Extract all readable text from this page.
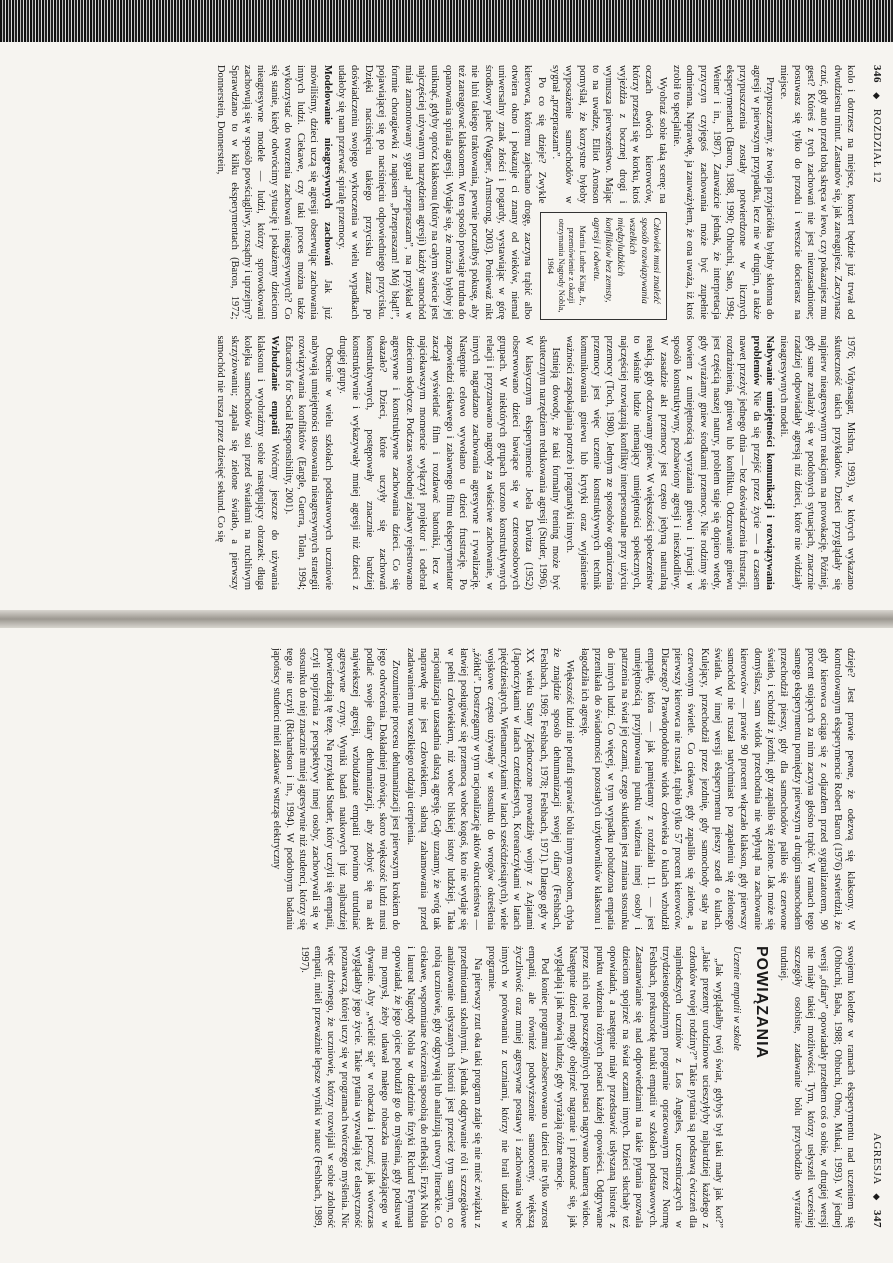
346 ◆ ROZDZIAŁ 12

kolo i dotrzesz na miejsce, koncert będzie już trwał od dwudziestu minut. Zastanów się, jak zareagujesz. Zaczynasz czuć, gdy auto przed tobą skręca w lewo, czy pokazujesz mu gest? Któreś z tych zachowań nie jest nieuzasadnione; posuwasz się tylko do przodu i wreszcie docierasz na miejsce.

Przypuszczamy, że twoja przyjaciółka byłaby skłonna do agresji w pierwszym przypadku, lecz nie w drugim, a także przypuszczenia zostały potwierdzone w licznych eksperymentach (Baron, 1988, 1990; Ohbuchi, Sato, 1994; Weiner i in., 1987). Zauważcie jednak, że interpretacja przyczyn czyjegoś zachowania może być zupełnie odmienna. Naprawdę, ja zauważyłem, że ona uważa, iż ktoś zrobił to specjalnie.

Człowiek musi znaleźć sposób rozwiązywania wszelkich międzyludzkich konfliktów bez zemsty, agresji i odwetu.
Martin Luther King, Jr., przemówienie z okazji otrzymania Nagrody Nobla, 1964

Wyobraź sobie taką scenę: na oczach dwóch kierowców, którzy przeszli się w korku, ktoś wyjeżdża z bocznej drogi i wymusza pierwszeństwo. Mając to na uwadze, Elliot Aronson pomyślał, że korzystne byłoby wyposażenie samochodów w sygnał „przepraszam”.

Po co się dzieje? Zwykle kierowca, któremu zajechano drogę, zaczyna trąbić albo otwiera okno i pokazuje ci znany od wieków, niemal uniwersalny znak złości i pogardy, wystawiając w górę środkowy palec (Wagner, Armstrong, 2003). Ponieważ nikt nie lubi takiego traktowania, pewnie poczułbyś pokusę, aby też zareagować klaksonem. W ten sposób powstaje trudna do opanowania spirala agresji. Wydaje się, że można byłoby jej uniknąć, gdyby oprócz klaksonu (który na całym świecie jest najczęściej używanym narzędziem agresji) każdy samochód miał zamontowany sygnał „przepraszam”, na przykład w formie choragiewki z napisem „Przepraszam! Mój błąd!”, pojawiającej się po naciśnięciu odpowiedniego przycisku. Dzięki naciśnięciu takiego przycisku zaraz po doświadczeniu swojego wykroczenia w wielu wypadkach udałoby się nam przerwać spiralę przemocy.

Modelowanie nieagresywnych zachowań Jak już mówiliśmy, dzieci uczą się agresji obserwując zachowania innych ludzi. Ciekawe, czy taki proces można także wykorzystać do tworzenia zachowań nieagresywnych? Co się stanie, kiedy odwrócimy sytuację i pokażemy dzieciom nieagresywne modele — ludzi, którzy sprowokowani zachowują się w sposób powściągliwy, rozsądny i uprzejmy? Sprawdzano to w kilku eksperymentach (Baron, 1972; Donnerstein, Donnerstein,

1976; Vidyasagar, Mishra, 1993), w których wykazano skuteczność takich przykładów. Dzieci przyglądały się najpierw nieagresywnym reakcjom na prowokację. Później, gdy same znalazły się w podobnych sytuacjach, znacznie rzadziej odpowiadały agresją niż dzieci, które nie widziały nieagresywnych modeli.

Nabywanie umiejętności komunikacji i rozwiązywania problemów Nie da się przejść przez życie — a czasem nawet przeżyć jednego dnia — bez doświadczenia frustracji, rozdrażnienia, gniewu lub konfliktu. Odczuwanie gniewu jest częścią naszej natury, problem staje się dopiero wtedy, gdy wyrażamy gniew środkami przemocy. Nie rodzimy się bowiem z umiejętnością wyrażania gniewu i irytacji w sposób konstruktywny, pozbawiony agresji i nieszkodliwy. W zasadzie akt przemocy jest często jedyną naturalną reakcją, gdy odczuwamy gniew. W większości społeczeństw to właśnie ludzie niemający umiejętności społecznych, najczęściej rozwiązują konflikty interpersonalne przy użyciu przemocy (Toch, 1980). Jednym ze sposobów ograniczenia przemocy jest więc uczenie konstruktywnych technik komunikowania gniewu lub krytyki oraz wyjaśnienie ważności zaspokajania potrzeb i pragmatyki innych.

Istnieją dowody, że taki formalny trening może być skutecznym narzędziem redukowania agresji (Studer, 1996). W klasycznym eksperymencie Joela Davitza (1952) obserwowano dzieci bawiące się w czteroosobowych grupach. W niektórych grupach uczono konstruktywnych relacji i przyznawano nagrody za właściwe zachowanie, w innych nagradzano zachowania agresywne i rywalizację. Następnie celowo wywołano u dzieci frustrację. Po zapowiedzi ciekawego i zabawnego filmu eksperymentator zaczął wyświetlać film i rozdawać batoniki, lecz w najciekawszym momencie wyłączył projektor i odebrał dzieciom słodycze. Podczas swobodnej zabawy rejestrowano agresywne i konstruktywne zachowania dzieci. Co się okazało? Dzieci, które uczyły się zachowań konstruktywnych, postępowały znacznie bardziej konstruktywnie i wykazywały mniej agresji niż dzieci z drugiej grupy.

Obecnie w wielu szkołach podstawowych uczniowie nabywają umiejętności stosowania nieagresywnych strategii rozwiązywania konfliktów (Eargle, Guerra, Tolan, 1994; Educators for Social Responsibility, 2001).

Wzbudzanie empatii Wróćmy jeszcze do używania klaksonu i wyobraźmy sobie następujący obrazek: długa kolejka samochodów stoi przed światłami na ruchliwym skrzyżowaniu; zapala się zielone światło, a pierwszy samochód nie rusza przez dziesięć sekund. Co się

AGRESJA ◆ 347

dzieje? Jest prawie pewne, że odezwą się klaksony. W kontrolowanym eksperymencie Robert Baron (1976) stwierdził, że gdy kierowca ociąga się z odjazdem przed sygnalizatorem, 90 procent stojących za nim zaczyna głośno trąbić. W ramach tego samego eksperymentu pomiędzy pierwszym a drugim samochodem przechodził pieszy, gdy dla samochodów paliło się czerwone światło, i schodził z jezdni, gdy zapaliło się zielone. Jak może się domyślasz, sam widok przechodnia nie wpłynął na zachowanie kierowców — prawie 90 procent włączało klakson, gdy pierwszy samochód nie ruszał natychmiast po zapaleniu się zielonego światła. W innej wersji eksperymentu pieszy szedł o kulach. Kulejący, przechodził przez jezdnię, gdy samochody stały na czerwonym świetle. Co ciekawe, gdy zapaliło się zielone, a pierwszy kierowca nie ruszał, trąbiło tylko 57 procent kierowców. Dlaczego? Prawdopodobnie widok człowieka o kulach wzbudził empatię, która — jak pamiętamy z rozdziału 11. — jest umiejętnością przyjmowania punktu widzenia innej osoby i patrzenia na świat jej oczami, czego skutkiem jest zmiana stosunku do innych ludzi. Co więcej, w tym wypadku pobudzona empatia przenikała do świadomości pozostałych użytkowników klaksonu i łagodziła ich agresję.

Większość ludzi nie potrafi sprawiać bólu innym osobom, chyba że znajdzie sposób dehumanizacji swojej ofiary (Feshbach, Feshbach, 1969; Feshbach, 1978; Feshbach, 1971). Dlatego gdy w XX wieku Stany Zjednoczone prowadziły wojny z Azjatami (Japończykami w latach czterdziestych, Koreańczykami w latach pięćdziesiątych, Wietnamczykami w latach sześćdziesiątych), wiele wojskowe często używały w stosunku do wrogów określenia „żółtki”. Dostrzegamy w tym racjonalizację aktów okrucieństwa — łatwiej posługiwać się przemocą wobec kogoś, kto nie wydaje się w pełni człowiekiem, niż wobec bliskiej istoty ludzkiej. Taka racjonalizacja uzasadnia dalszą agresję. Gdy uznamy, że wróg tak naprawdę nie jest człowiekiem, słabną zahamowania przed zadawaniem mu wszelkiego rodzaju cierpienia.

Zrozumienie procesu dehumanizacji jest pierwszym krokiem do jego odwrócenia. Dokładniej mówiąc, skoro większość ludzi musi podlać swoje ofiary dehumanizacji, aby zdobyć się na akt najwiekszej agresji, wzbudzanie empatii powinno utrudniać agresywne czyny. Wyniki badań naukowych już najbardziej potwierdzają tę tezę. Na przykład Studer, który uczyli się empatii, czyli spojrzenia z perspektywy innej osoby, zachowywali się w stosunku do niej znacznie mniej agresywnie niż studenci, którzy się tego nie uczyli (Richardson i in., 1994). W podobnym badaniu japońscy studenci mieli zadawać wstrząs elektryczny

swojemu koledze w ramach eksperymentu nad uczeniem się (Ohbuchi, Baba, 1988; Ohbuchi, Ohno, Mukai, 1993). W jednej wersji „ofiary” opowiadały przedtem coś o sobie, w drugiej wersji nie miały takiej możliwości. Tym, którzy usłyszeli wcześniej szczegóły osobiste, zadawanie bólu przychodziło wyraźnie trudniej.

POWIĄZANIA
Uczenie empatii w szkole

„Jak wyglądałby twój świat, gdybyś był taki mały jak kot?” „Jakie prezenty urodzinowe ucieszyłyby najbardziej każdego z członków twojej rodziny?” Takie pytania są podstawą ćwiczeń dla najmłodszych uczniów z Los Angeles, uczestniczących w trzydziestogodzinnym programie opracowanym przez Normę Feshbach, prekursorkę nauki empatii w szkołach podstawowych. Zastanawianie się nad odpowiedziami na takie pytania pozwala dzieciom spojrzeć na świat oczami innych. Dzieci słuchały też opowiadań, a następnie miały przedstawić usłyszaną historię z punktu widzenia różnych postaci każdej opowieści. Odgrywane przez nich role poszczególnych postaci nagrywano kamerą wideo. Następnie dzieci mogły obejrzeć nagranie i przekonać się, jak wyglądają i jak mówią ludzie, gdy wyrażają różne emocje.

Pod koniec programu zaobserwowano u dzieci nie tylko wzrost empatii, ale również podwyższenie samooceny, większą życzliwość oraz mniej agresywne postawy i zachowania wobec innych w porównaniu z uczniami, którzy nie brali udziału w programie.

Na pierwszy rzut oka taki program zdaje się nie mieć związku z przedmiotami szkolnymi. A jednak odgrywanie ról i szczegółowe analizowanie usłyszanych historii jest przecież tym samym, co robią uczniowie, gdy odgrywają lub analizują utwory literackie. Co ciekawe, wspomniane ćwiczenia sposobią do refleksji. Fizyk Nobla i laureat Nagrody Nobla w dziedzinie fizyki Richard Feynman opowiadał, że jego ojciec pobudził go do myślenia, gdy podsuwał mu pomysł, żeby udawał małego robaczka mieszkającego w dywanie. Aby „wcielić się” w robaczka i poczuć, jak wówczas wyglądałby jego życie. Takie pytania wyzwalają też elastyczność poznawczą, której uczy się w programach twórczego myślenia. Nic więc dziwnego, że uczniowie, którzy rozwijali w sobie zdolność empatii, mieli przeważnie lepsze wyniki w nauce (Feshbach, 1989, 1997).
